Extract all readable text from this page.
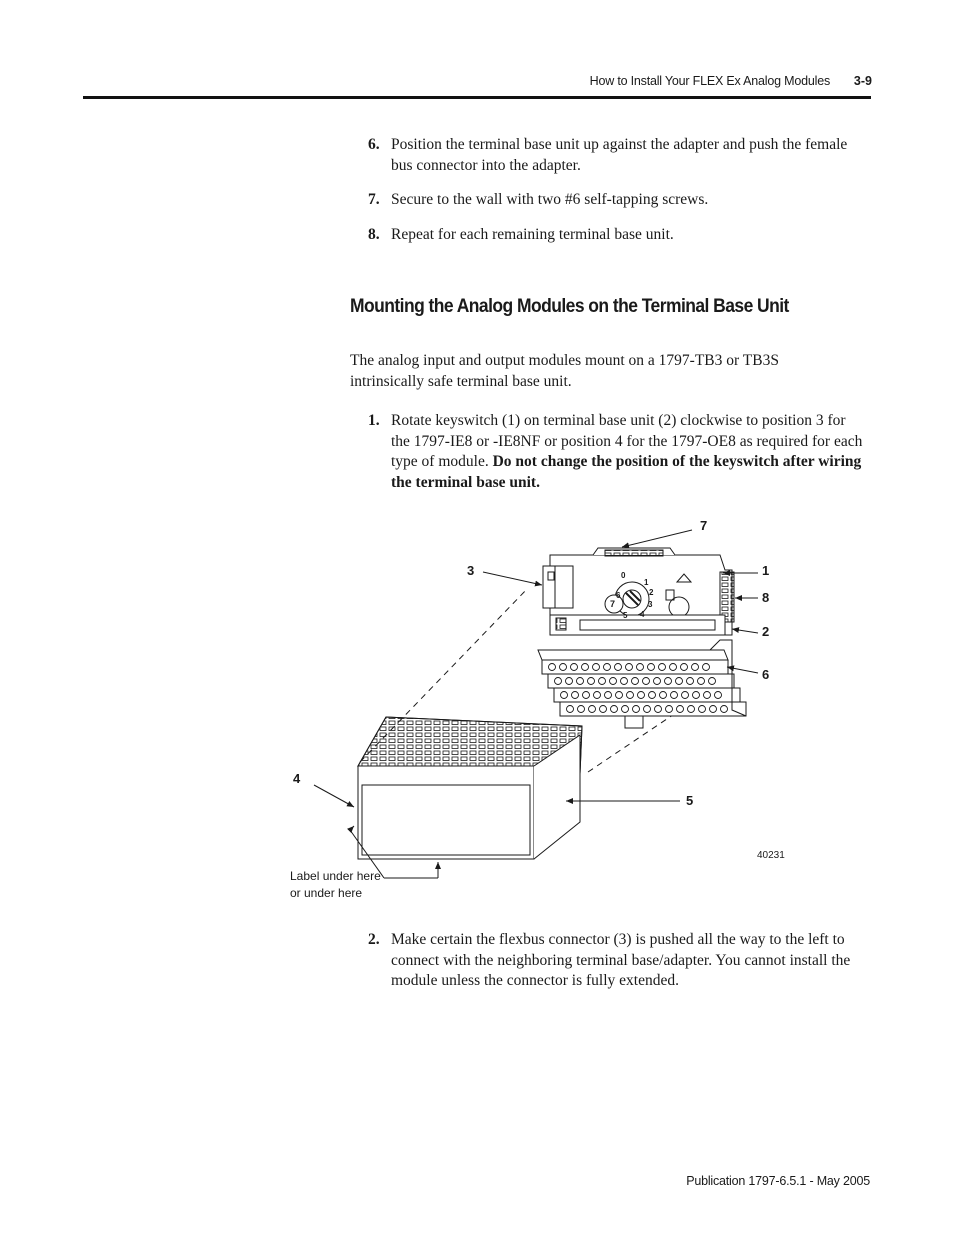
How to Install Your FLEX Ex Analog Modules	3-9
6. Position the terminal base unit up against the adapter and push the female bus connector into the adapter.
7. Secure to the wall with two #6 self-tapping screws.
8. Repeat for each remaining terminal base unit.
Mounting the Analog Modules on the Terminal Base Unit
The analog input and output modules mount on a 1797-TB3 or TB3S intrinsically safe terminal base unit.
1. Rotate keyswitch (1) on terminal base unit (2) clockwise to position 3 for the 1797-IE8 or -IE8NF or position 4 for the 1797-OE8 as required for each type of module. Do not change the position of the keyswitch after wiring the terminal base unit.
0
1
2
3
4
5
6
7
7
3	1
8
2
6
4
5
40231
Label under here
or under here
2. Make certain the flexbus connector (3) is pushed all the way to the left to connect with the neighboring terminal base/adapter. You cannot install the module unless the connector is fully extended.
Publication 1797-6.5.1 - May 2005
